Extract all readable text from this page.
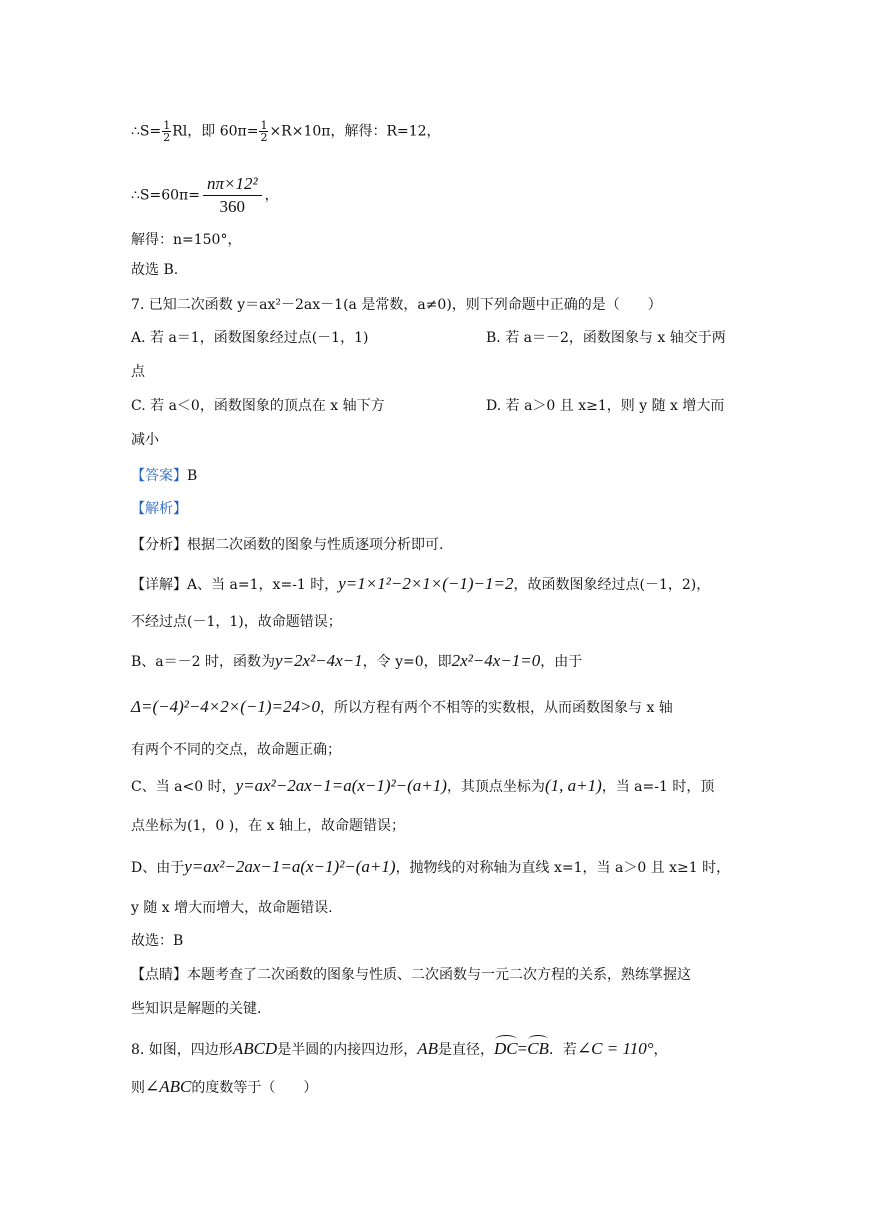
∴S= $\frac{1}{2}$ Rl，即 $60\pi= \frac{1}{2} \times R\times 10\pi$，解得：R=12，
∴S=60π= $\frac{\text{nπ×12²}}{360}$ ，
解得：n=150°，
故选 B.
7. 已知二次函数 y＝ax²－2ax－1(a 是常数，a≠0)，则下列命题中正确的是（　　）
A. 若 a＝1，函数图象经过点(－1，1)	B. 若 a＝－2，函数图象与 x 轴交于两
点
C. 若 a＜0，函数图象的顶点在 x 轴下方	D. 若 a＞0 且 x≥1，则 y 随 x 增大而
减小
【答案】B
【解析】
【分析】根据二次函数的图象与性质逐项分析即可.
【详解】A、当 a=1，x=-1 时，y=1×1²−2×1×(−1)−1=2，故函数图象经过点(－1，2)，
不经过点(－1，1)，故命题错误；
B、a＝－2 时，函数为y=2x²−4x−1，令 y=0，即2x²−4x−1=0，由于
Δ=(−4)²−4×2×(−1)=24>0，所以方程有两个不相等的实数根，从而函数图象与 x 轴
有两个不同的交点，故命题正确；
C、当 a<0 时，y=ax²−2ax−1=a(x−1)²−(a+1)，其顶点坐标为(1, a+1)，当 a=-1 时，顶
点坐标为(1，0 )，在 x 轴上，故命题错误；
D、由于y=ax²−2ax−1=a(x−1)²−(a+1)，抛物线的对称轴为直线 x=1，当 a＞0 且 x≥1 时，
y 随 x 增大而增大，故命题错误.
故选：B
【点睛】本题考查了二次函数的图象与性质、二次函数与一元二次方程的关系，熟练掌握这
些知识是解题的关键.
8. 如图，四边形ABCD是半圆的内接四边形，AB是直径，DC=CB．若∠C = 110°，
则∠ABC的度数等于（　　）
